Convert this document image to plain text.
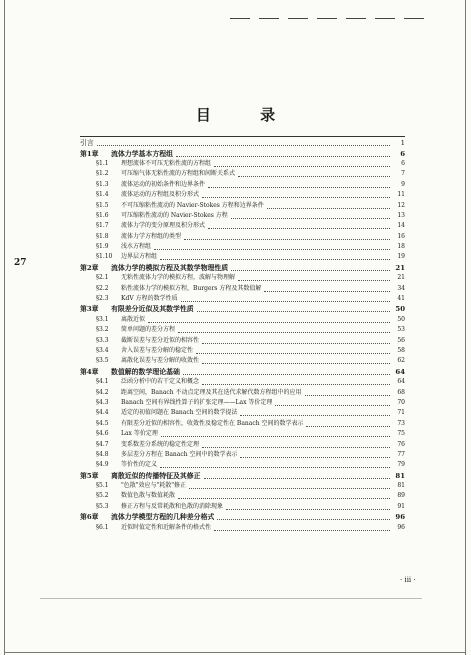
27
目 录
引言	1
第1章	流体力学基本方程组	6
§1.1	理想流体不可压无粘性流的方程组	6
§1.2	可压缩气体无粘性流的方程组和间断关系式	7
§1.3	流体运动的初始条件和边界条件	9
§1.4	流体运动的方程组及积分形式	11
§1.5	不可压缩粘性流动的 Navier-Stokes 方程和边界条件	12
§1.6	可压缩粘性流动的 Navier-Stokes 方程	13
§1.7	流体力学的变分原理及积分形式	14
§1.8	流体力学方程组的类型	16
§1.9	浅水方程组	18
§1.10	边界层方程组	19
第2章	流体力学的模拟方程及其数学物理性质	21
§2.1	无粘性流体力学的模拟方程，波解与物理解	21
§2.2	粘性流体力学的模拟方程，Burgers 方程及其数值解	34
§2.3	KdV 方程的数学性质	41
第3章	有限差分近似及其数学性质	50
§3.1	离散近似	50
§3.2	简单问题的差分方程	53
§3.3	截断误差与差分近似的相容性	56
§3.4	舍入误差与差分解的稳定性	58
§3.5	离散化误差与差分解的收敛性	62
第4章	数值解的数学理论基础	64
§4.1	泛函分析中的若干定义和概念	64
§4.2	距离空间，Banach 不动点定理及其在迭代求解代数方程组中的应用	68
§4.3	Banach 空间有界线性算子的扩张定理——Lax 等价定理	70
§4.4	适定的初值问题在 Banach 空间的数学提法	71
§4.5	有限差分近似的相容性，收敛性及稳定性在 Banach 空间的数学表示	73
§4.6	Lax 等价定理	75
§4.7	变系数差分系统的稳定性定理	76
§4.8	多层差分方程在 Banach 空间中的数学表示	77
§4.9	等价性的定义	79
第5章	离散近似的传播特征及其修正	81
§5.1	"色散"效应与"耗散"修正	81
§5.2	数值色散与数值耗散	89
§5.3	修正方程与反常耗散和色散的消除现象	91
第6章	流体力学模型方程的几种差分格式	96
§6.1	近似时值定性和近解条件的格式性	96
· iii ·
